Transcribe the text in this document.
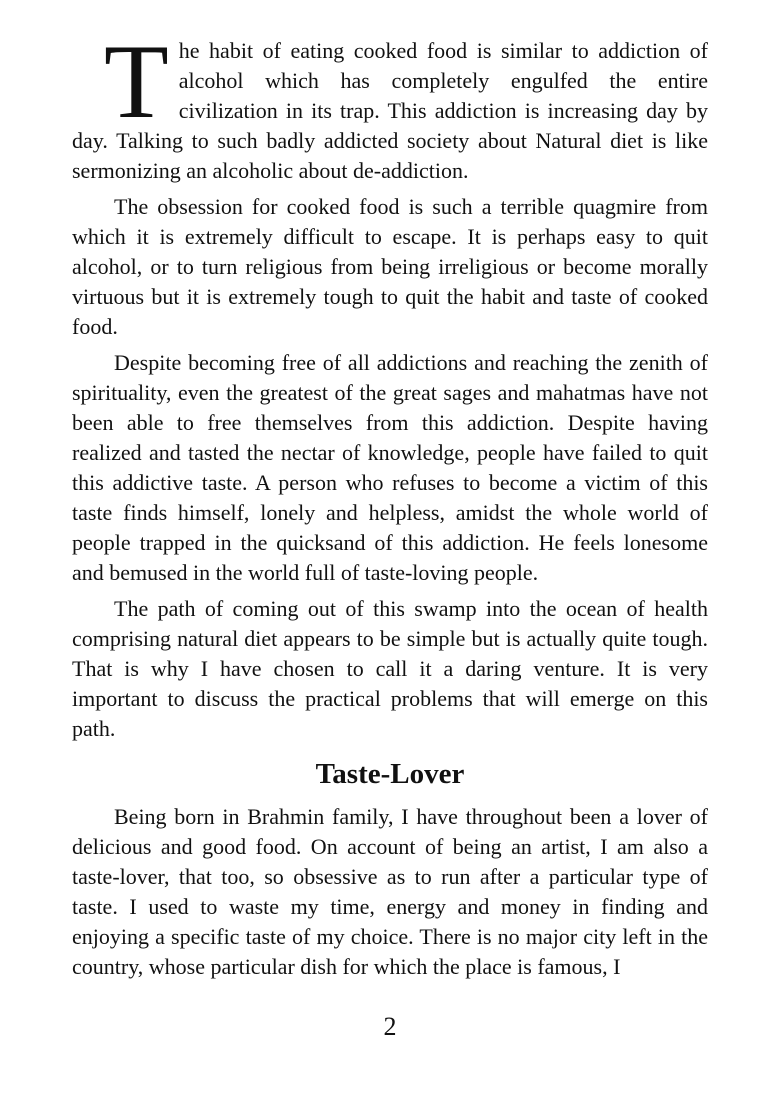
The habit of eating cooked food is similar to addiction of alcohol which has completely engulfed the entire civilization in its trap. This addiction is increasing day by day. Talking to such badly addicted society about Natural diet is like sermonizing an alcoholic about de-addiction.

The obsession for cooked food is such a terrible quagmire from which it is extremely difficult to escape. It is perhaps easy to quit alcohol, or to turn religious from being irreligious or become morally virtuous but it is extremely tough to quit the habit and taste of cooked food.

Despite becoming free of all addictions and reaching the zenith of spirituality, even the greatest of the great sages and mahatmas have not been able to free themselves from this addiction. Despite having realized and tasted the nectar of knowledge, people have failed to quit this addictive taste. A person who refuses to become a victim of this taste finds himself, lonely and helpless, amidst the whole world of people trapped in the quicksand of this addiction. He feels lonesome and bemused in the world full of taste-loving people.

The path of coming out of this swamp into the ocean of health comprising natural diet appears to be simple but is actually quite tough. That is why I have chosen to call it a daring venture. It is very important to discuss the practical problems that will emerge on this path.

Taste-Lover

Being born in Brahmin family, I have throughout been a lover of delicious and good food. On account of being an artist, I am also a taste-lover, that too, so obsessive as to run after a particular type of taste. I used to waste my time, energy and money in finding and enjoying a specific taste of my choice. There is no major city left in the country, whose particular dish for which the place is famous, I

2
